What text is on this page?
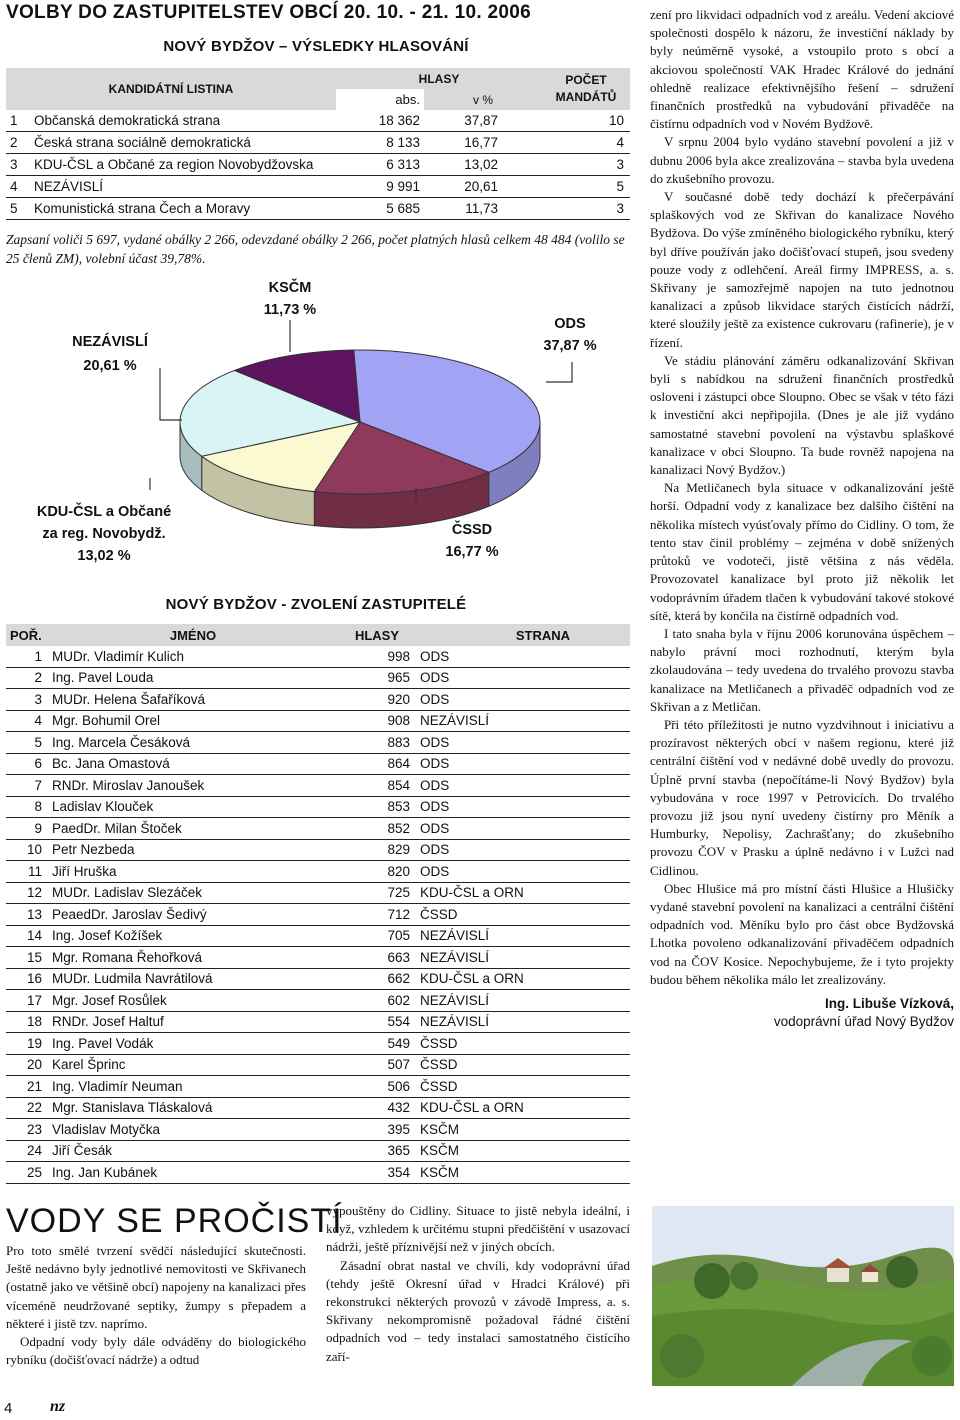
VOLBY DO ZASTUPITELSTEV OBCÍ 20. 10. - 21. 10. 2006
NOVÝ BYDŽOV – VÝSLEDKY HLASOVÁNÍ
KANDIDÁTNÍ LISTINA		HLASY		POČET MANDÁTŮ
		abs.	v %	
1	Občanská demokratická strana	18 362	37,87	10
2	Česká strana sociálně demokratická	8 133	16,77	4
3	KDU-ČSL a Občané za region Novobydžovska	6 313	13,02	3
4	NEZÁVISLÍ	9 991	20,61	5
5	Komunistická strana Čech a Moravy	5 685	11,73	3
Zapsaní voliči 5 697, vydané obálky 2 266, odevzdané obálky 2 266, počet platných hlasů celkem 48 484 (volilo se 25 členů ZM), volební účast 39,78%.
KSČM
11,73 %
ODS
37,87 %
NEZÁVISLÍ
20,61 %
KDU-ČSL a Občané
za reg. Novobydž.
13,02 %
ČSSD
16,77 %
NOVÝ BYDŽOV - ZVOLENÍ ZASTUPITELÉ
POŘ.	JMÉNO	HLASY	STRANA
1	MUDr. Vladimír Kulich	998	ODS
2	Ing. Pavel Louda	965	ODS
3	MUDr. Helena Šafaříková	920	ODS
4	Mgr. Bohumil Orel	908	NEZÁVISLÍ
5	Ing. Marcela Česáková	883	ODS
6	Bc. Jana Omastová	864	ODS
7	RNDr. Miroslav Janoušek	854	ODS
8	Ladislav Klouček	853	ODS
9	PaedDr. Milan Štoček	852	ODS
10	Petr Nezbeda	829	ODS
11	Jiří Hruška	820	ODS
12	MUDr. Ladislav Slezáček	725	KDU-ČSL a ORN
13	PeaedDr. Jaroslav Šedivý	712	ČSSD
14	Ing. Josef Kožíšek	705	NEZÁVISLÍ
15	Mgr. Romana Řehořková	663	NEZÁVISLÍ
16	MUDr. Ludmila Navrátilová	662	KDU-ČSL a ORN
17	Mgr. Josef Rosůlek	602	NEZÁVISLÍ
18	RNDr. Josef Haltuf	554	NEZÁVISLÍ
19	Ing. Pavel Vodák	549	ČSSD
20	Karel Šprinc	507	ČSSD
21	Ing. Vladimír Neuman	506	ČSSD
22	Mgr. Stanislava Tláskalová	432	KDU-ČSL a ORN
23	Vladislav Motyčka	395	KSČM
24	Jiří Česák	365	KSČM
25	Ing. Jan Kubánek	354	KSČM
VODY SE PROČISTÍ

Pro toto smělé tvrzení svědčí následující skutečnosti. Ještě nedávno byly jednotlivé nemovitosti ve Skřivanech (ostatně jako ve většině obcí) napojeny na kanalizaci přes víceméně neudržované septiky, žumpy s přepadem a některé i jistě tzv. naprímo.

Odpadní vody byly dále odváděny do biologického rybníku (dočišťovací nádrže) a odtud

vypouštěny do Cidliny. Situace to jistě nebyla ideální, i když, vzhledem k určitému stupni předčištění v usazovací nádrži, ještě příznivější než v jiných obcích.

Zásadní obrat nastal ve chvíli, kdy vodoprávní úřad (tehdy ještě Okresní úřad v Hradci Králové) při rekonstrukci některých provozů v závodě Impress, a. s. Skřivany nekompromisně požadoval řádné čištění odpadních vod – tedy instalaci samostatného čistícího zaří-

zení pro likvidaci odpadních vod z areálu. Vedení akciové společnosti dospělo k názoru, že investiční náklady by byly neúměrně vysoké, a vstoupilo proto s obcí a akciovou společností VAK Hradec Králové do jednání ohledně realizace efektivnějšího řešení – sdružení finančních prostředků na vybudování přivaděče na čistírnu odpadních vod v Novém Bydžově.

V srpnu 2004 bylo vydáno stavební povolení a již v dubnu 2006 byla akce zrealizována – stavba byla uvedena do zkušebního provozu.

V současné době tedy dochází k přečerpávání splaškových vod ze Skřivan do kanalizace Nového Bydžova. Do výše zmíněného biologického rybníku, který byl dříve používán jako dočišťovací stupeň, jsou svedeny pouze vody z odlehčení. Areál firmy IMPRESS, a. s. Skřivany je samozřejmě napojen na tuto jednotnou kanalizaci a způsob likvidace starých čistících nádrží, které sloužily ještě za existence cukrovaru (rafinerie), je v řízení.

Ve stádiu plánování záměru odkanalizování Skřivan byli s nabídkou na sdružení finančních prostředků osloveni i zástupci obce Sloupno. Obec se však v této fázi k investiční akci nepřipojila. (Dnes je ale již vydáno samostatné stavební povolení na výstavbu splaškové kanalizace v obci Sloupno. Ta bude rovněž napojena na kanalizaci Nový Bydžov.)

Na Metličanech byla situace v odkanalizování ještě horší. Odpadní vody z kanalizace bez dalšího čištění na několika místech vyúsťovaly přímo do Cidliny. O tom, že tento stav činil problémy – zejména v době snížených průtoků ve vodoteči, jistě většina z nás věděla. Provozovatel kanalizace byl proto již několik let vodoprávním úřadem tlačen k vybudování takové stokové sítě, která by končila na čistírně odpadních vod.

I tato snaha byla v říjnu 2006 korunována úspěchem – nabylo právní moci rozhodnutí, kterým byla zkolaudována – tedy uvedena do trvalého provozu stavba kanalizace na Metličanech a přivaděč odpadních vod ze Skřivan a z Metličan.

Při této příležitosti je nutno vyzdvihnout i iniciativu a prozíravost některých obcí v našem regionu, které již centrální čištění vod v nedávné době uvedly do provozu. Úplně první stavba (nepočítáme-li Nový Bydžov) byla vybudována v roce 1997 v Petrovicích. Do trvalého provozu již jsou nyní uvedeny čistírny pro Měník a Humburky, Nepolisy, Zachrašťany; do zkušebního provozu ČOV v Prasku a úplně nedávno i v Lužci nad Cidlinou.

Obec Hlušice má pro místní části Hlušice a Hlušičky vydané stavební povolení na kanalizaci a centrální čištění odpadních vod. Měníku bylo pro část obce Bydžovská Lhotka povoleno odkanalizování přivaděčem odpadních vod na ČOV Kosice. Nepochybujeme, že i tyto projekty budou během několika málo let zrealizovány.

Ing. Libuše Vízková,
vodoprávní úřad Nový Bydžov
4 nz
